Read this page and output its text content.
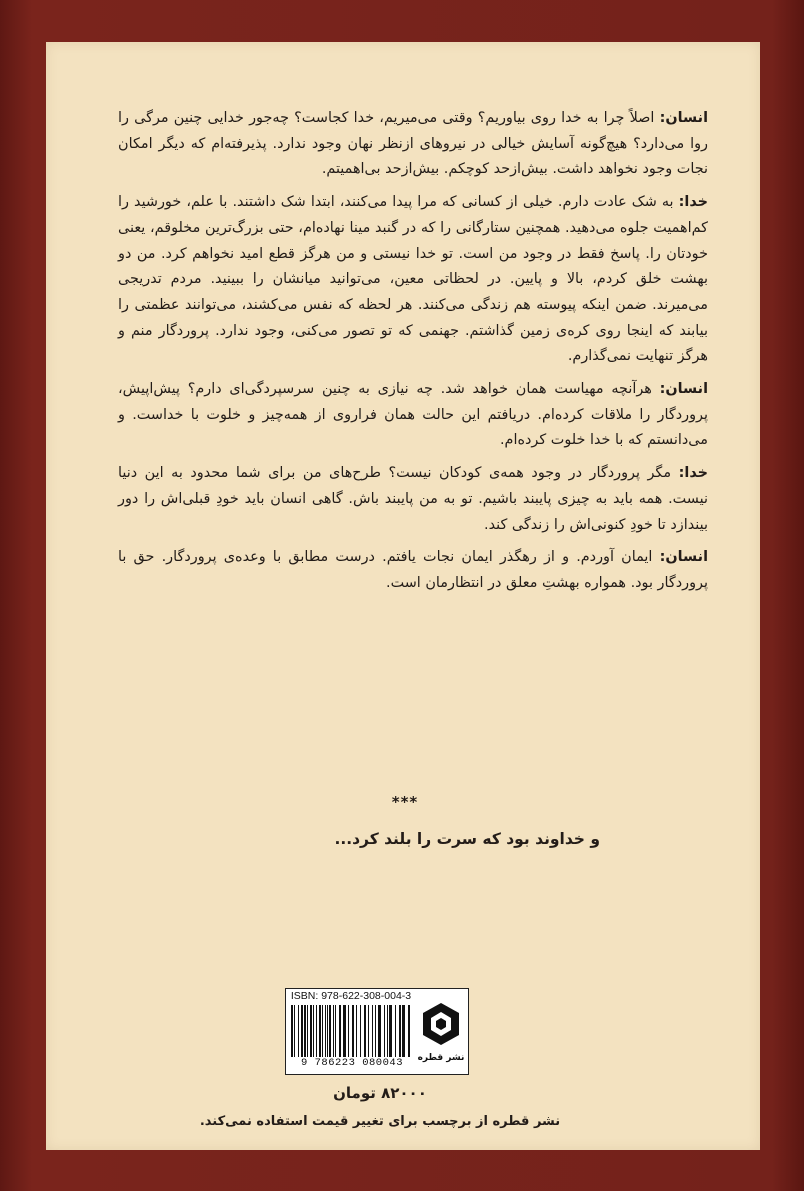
انسان: اصلاً چرا به خدا روی بیاوریم؟ وقتی می‌میریم، خدا کجاست؟ چه‌جور خدایی چنین مرگی را روا می‌دارد؟ هیچ‌گونه آسایش خیالی در نیروهای ازنظر نهان وجود ندارد. پذیرفته‌ام که دیگر امکان نجات وجود نخواهد داشت. بیش‌ازحد کوچکم. بیش‌ازحد بی‌اهمیتم.

خدا: به شک عادت دارم. خیلی از کسانی که مرا پیدا می‌کنند، ابتدا شک داشتند. با علم، خورشید را کم‌اهمیت جلوه می‌دهید. همچنین ستارگانی را که در گنبد مینا نهاده‌ام، حتی بزرگ‌ترین مخلوقم، یعنی خودتان را. پاسخ فقط در وجود من است. تو خدا نیستی و من هرگز قطع امید نخواهم کرد. من دو بهشت خلق کردم، بالا و پایین. در لحظاتی معین، می‌توانید میانشان را ببینید. مردم تدریجی می‌میرند. ضمن اینکه پیوسته هم زندگی می‌کنند. هر لحظه که نفس می‌کشند، می‌توانند عظمتی را بیابند که اینجا روی کره‌ی زمین گذاشتم. جهنمی که تو تصور می‌کنی، وجود ندارد. پروردگار منم و هرگز تنهایت نمی‌گذارم.

انسان: هرآنچه مهیاست همان خواهد شد. چه نیازی به چنین سرسپردگی‌ای دارم؟ پیش‌اپیش، پروردگار را ملاقات کرده‌ام. دریافتم این حالت همان فراروی از همه‌چیز و خلوت با خداست. و می‌دانستم که با خدا خلوت کرده‌ام.

خدا: مگر پروردگار در وجود همه‌ی کودکان نیست؟ طرح‌های من برای شما محدود به این دنیا نیست. همه باید به چیزی پایبند باشیم. تو به من پایبند باش. گاهی انسان باید خودِ قبلی‌اش را دور بیندازد تا خودِ کنونی‌اش را زندگی کند.

انسان: ایمان آوردم. و از رهگذر ایمان نجات یافتم. درست مطابق با وعده‌ی پروردگار. حق با پروردگار بود. همواره بهشتِ معلق در انتظارمان است.

***
و خداوند بود که سرت را بلند کرد...
ISBN: 978-622-308-004-3
9 786223 080043	نشر قطره
۸۲۰۰۰ تومان
نشر قطره از برچسب برای تغییر قیمت استفاده نمی‌کند.
